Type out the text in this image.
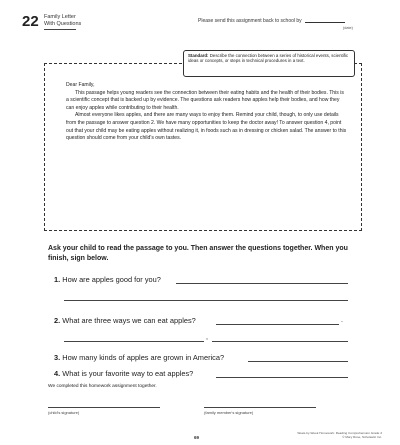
22 Family Letter
With Questions	Please send this assignment back to school by
(date)
Standard: Describe the connection between a series of historical events, scientific ideas or concepts, or steps in technical procedures in a text.

Dear Family,

This passage helps young readers see the connection between their eating habits and the health of their bodies. This is a scientific concept that is backed up by evidence. The questions ask readers how apples help their bodies, and how they can enjoy apples while contributing to their health.

Almost everyone likes apples, and there are many ways to enjoy them. Remind your child, though, to only use details from the passage to answer question 2. We have many opportunities to keep the doctor away! To answer question 4, point out that your child may be eating apples without realizing it, in foods such as in dressing or chicken salad. The answer to this question should come from your child's own tastes.

Ask your child to read the passage to you. Then answer the questions together. When you finish, sign below.
1. How are apples good for you?
2. What are three ways we can eat apples?	.
,
3. How many kinds of apples are grown in America?
4. What is your favorite way to eat apples?
We completed this homework assignment together.
(child's signature)	(family member's signature)
69
Week-by-Week Homework: Reading Comprehension Grade 3
© Mary Rose, Scholastic Inc.
